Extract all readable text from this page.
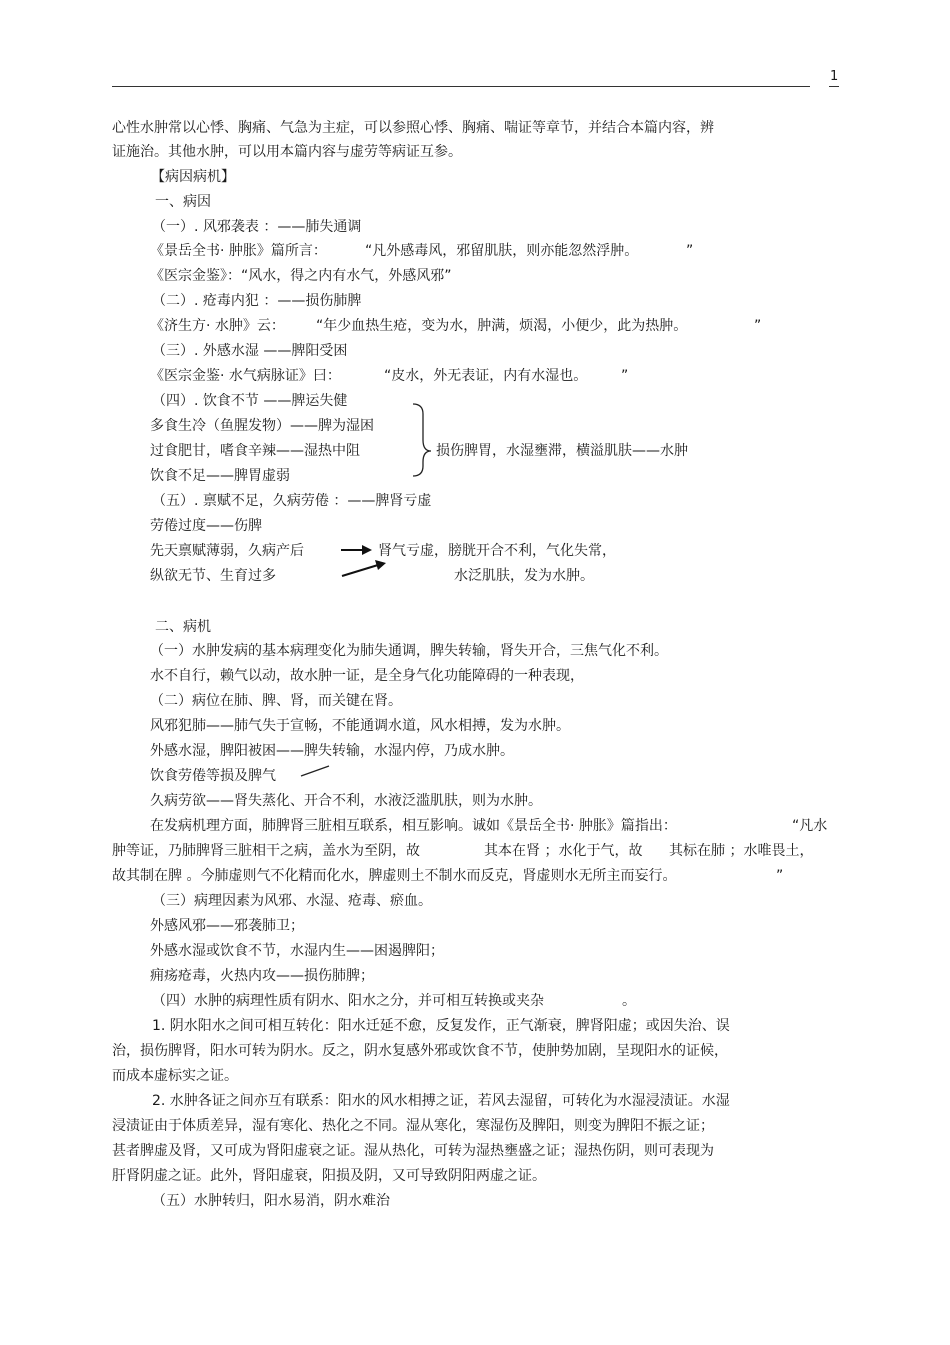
1
心性水肿常以心悸、胸痛、气急为主症，可以参照心悸、胸痛、喘证等章节，并结合本篇内容，辨
证施治。其他水肿，可以用本篇内容与虚劳等病证互参。
【病因病机】
一、病因
（一）. 风邪袭表 ：——肺失通调
《景岳全书· 肿胀》篇所言：	“凡外感毒风，邪留肌肤，则亦能忽然浮肿。	”
《医宗金鉴》：“风水，得之内有水气，外感风邪”
（二）. 疮毒内犯 ：——损伤肺脾
《济生方· 水肿》云： “年少血热生疮，变为水，肿满，烦渴，小便少，此为热肿。	”
（三）. 外感水湿 ——脾阳受困
《医宗金鉴· 水气病脉证》曰：	“皮水，外无表证，内有水湿也。 ”
（四）. 饮食不节 ——脾运失健
多食生冷（鱼腥发物）——脾为湿困
过食肥甘，嗜食辛辣——湿热中阻	损伤脾胃，水湿壅滞，横溢肌肤——水肿
饮食不足——脾胃虚弱
（五）. 禀赋不足，久病劳倦 ：——脾肾亏虚
劳倦过度——伤脾
先天禀赋薄弱，久病产后	肾气亏虚，膀胱开合不利，气化失常，
纵欲无节、生育过多	水泛肌肤，发为水肿。
二、病机
（一）水肿发病的基本病理变化为肺失通调，脾失转输，肾失开合，三焦气化不利。
水不自行，赖气以动，故水肿一证，是全身气化功能障碍的一种表现，
（二）病位在肺、脾、肾，而关键在肾。
风邪犯肺——肺气失于宣畅，不能通调水道，风水相搏，发为水肿。
外感水湿，脾阳被困——脾失转输，水湿内停，乃成水肿。
饮食劳倦等损及脾气
久病劳欲——肾失蒸化、开合不利，水液泛滥肌肤，则为水肿。
在发病机理方面，肺脾肾三脏相互联系，相互影响。诚如《景岳全书· 肿胀》篇指出：	“凡水
肿等证，乃肺脾肾三脏相干之病，盖水为至阴，故	其本在肾 ；水化于气，故 其标在肺 ；水唯畏土，
故其制在脾 。今肺虚则气不化精而化水，脾虚则土不制水而反克，肾虚则水无所主而妄行。	”
（三）病理因素为风邪、水湿、疮毒、瘀血。
外感风邪——邪袭肺卫；
外感水湿或饮食不节，水湿内生——困遏脾阳；
痈疡疮毒，火热内攻——损伤肺脾；
（四）水肿的病理性质有阴水、阳水之分，并可相互转换或夹杂	。
1. 阴水阳水之间可相互转化：阳水迁延不愈，反复发作，正气渐衰，脾肾阳虚；或因失治、误
治，损伤脾肾，阳水可转为阴水。反之，阴水复感外邪或饮食不节，使肿势加剧，呈现阳水的证候，
而成本虚标实之证。
2. 水肿各证之间亦互有联系：阳水的风水相搏之证，若风去湿留，可转化为水湿浸渍证。水湿
浸渍证由于体质差异，湿有寒化、热化之不同。湿从寒化，寒湿伤及脾阳，则变为脾阳不振之证；
甚者脾虚及肾，又可成为肾阳虚衰之证。湿从热化，可转为湿热壅盛之证；湿热伤阴，则可表现为
肝肾阴虚之证。此外，肾阳虚衰，阳损及阴，又可导致阴阳两虚之证。
（五）水肿转归，阳水易消，阴水难治
